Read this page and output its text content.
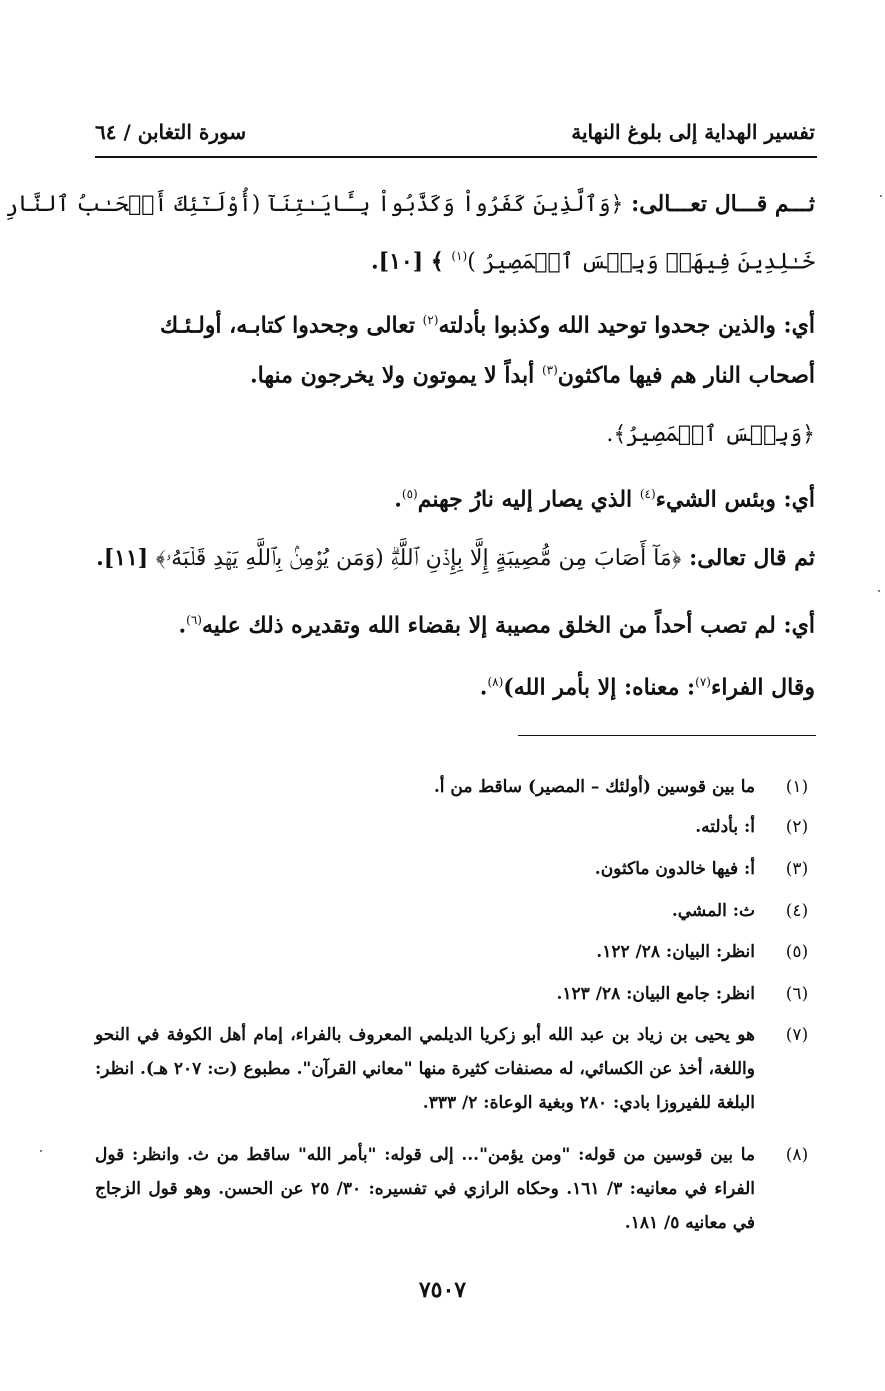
تفسير الهداية إلى بلوغ النهاية
سورة التغابن / ٦٤
ثـــم قـــال تعـــالى: ﴿وَٱلَّذِينَ كَفَرُواْ وَكَذَّبُواْ بِـَٔايَـٰتِنَآ (أُوْلَـٰٓئِكَ أَصۡحَـٰبُ ٱلنَّارِ
خَـٰلِدِينَ فِيهَاۖ وَبِئۡسَ ٱلۡمَصِيرُ )$^{(١)}$ ﴾ [١٠].
أي: والذين جحدوا توحيد الله وكذبوا بأدلته$^{(٢)}$ تعالى وجحدوا كتابـه، أولـئـك
أصحاب النار هم فيها ماكثون$^{(٣)}$ أبداً لا يموتون ولا يخرجون منها.
﴿وَبِئۡسَ ٱلۡمَصِيرُ﴾.
أي: وبئس الشيء$^{(٤)}$ الذي يصار إليه نارُ جهنم$^{(٥)}$.
ثم قال تعالى: ﴿مَآ أَصَابَ مِن مُّصِيبَةٍ إِلَّا بِإِذۡنِ ٱللَّهِۗ (وَمَن يُؤۡمِنۢ بِٱللَّهِ يَهۡدِ قَلۡبَهُۥ﴾ [١١].
أي: لم تصب أحداً من الخلق مصيبة إلا بقضاء الله وتقديره ذلك عليه$^{(٦)}$.
وقال الفراء$^{(٧)}$: معناه: إلا بأمر الله)$^{(٨)}$.
(١)
ما بين قوسين (أولئك – المصير) ساقط من أ.
(٢)
أ: بأدلته.
(٣)
أ: فيها خالدون ماكثون.
(٤)
ث: المشي.
(٥)
انظر: البيان: ٢٨/ ١٢٢.
(٦)
انظر: جامع البيان: ٢٨/ ١٢٣.
(٧)
هو يحيى بن زياد بن عبد الله أبو زكريا الديلمي المعروف بالفراء، إمام أهل الكوفة في النحو واللغة، أخذ عن الكسائي، له مصنفات كثيرة منها "معاني القرآن". مطبوع (ت: ٢٠٧ هـ). انظر: البلغة للفيروزا بادي: ٢٨٠ وبغية الوعاة: ٢/ ٣٣٣.
(٨)
ما بين قوسين من قوله: "ومن يؤمن"... إلى قوله: "بأمر الله" ساقط من ث. وانظر: قول الفراء في معانيه: ٣/ ١٦١. وحكاه الرازي في تفسيره: ٣٠/ ٢٥ عن الحسن. وهو قول الزجاج في معانيه ٥/ ١٨١.
٧٥٠٧
